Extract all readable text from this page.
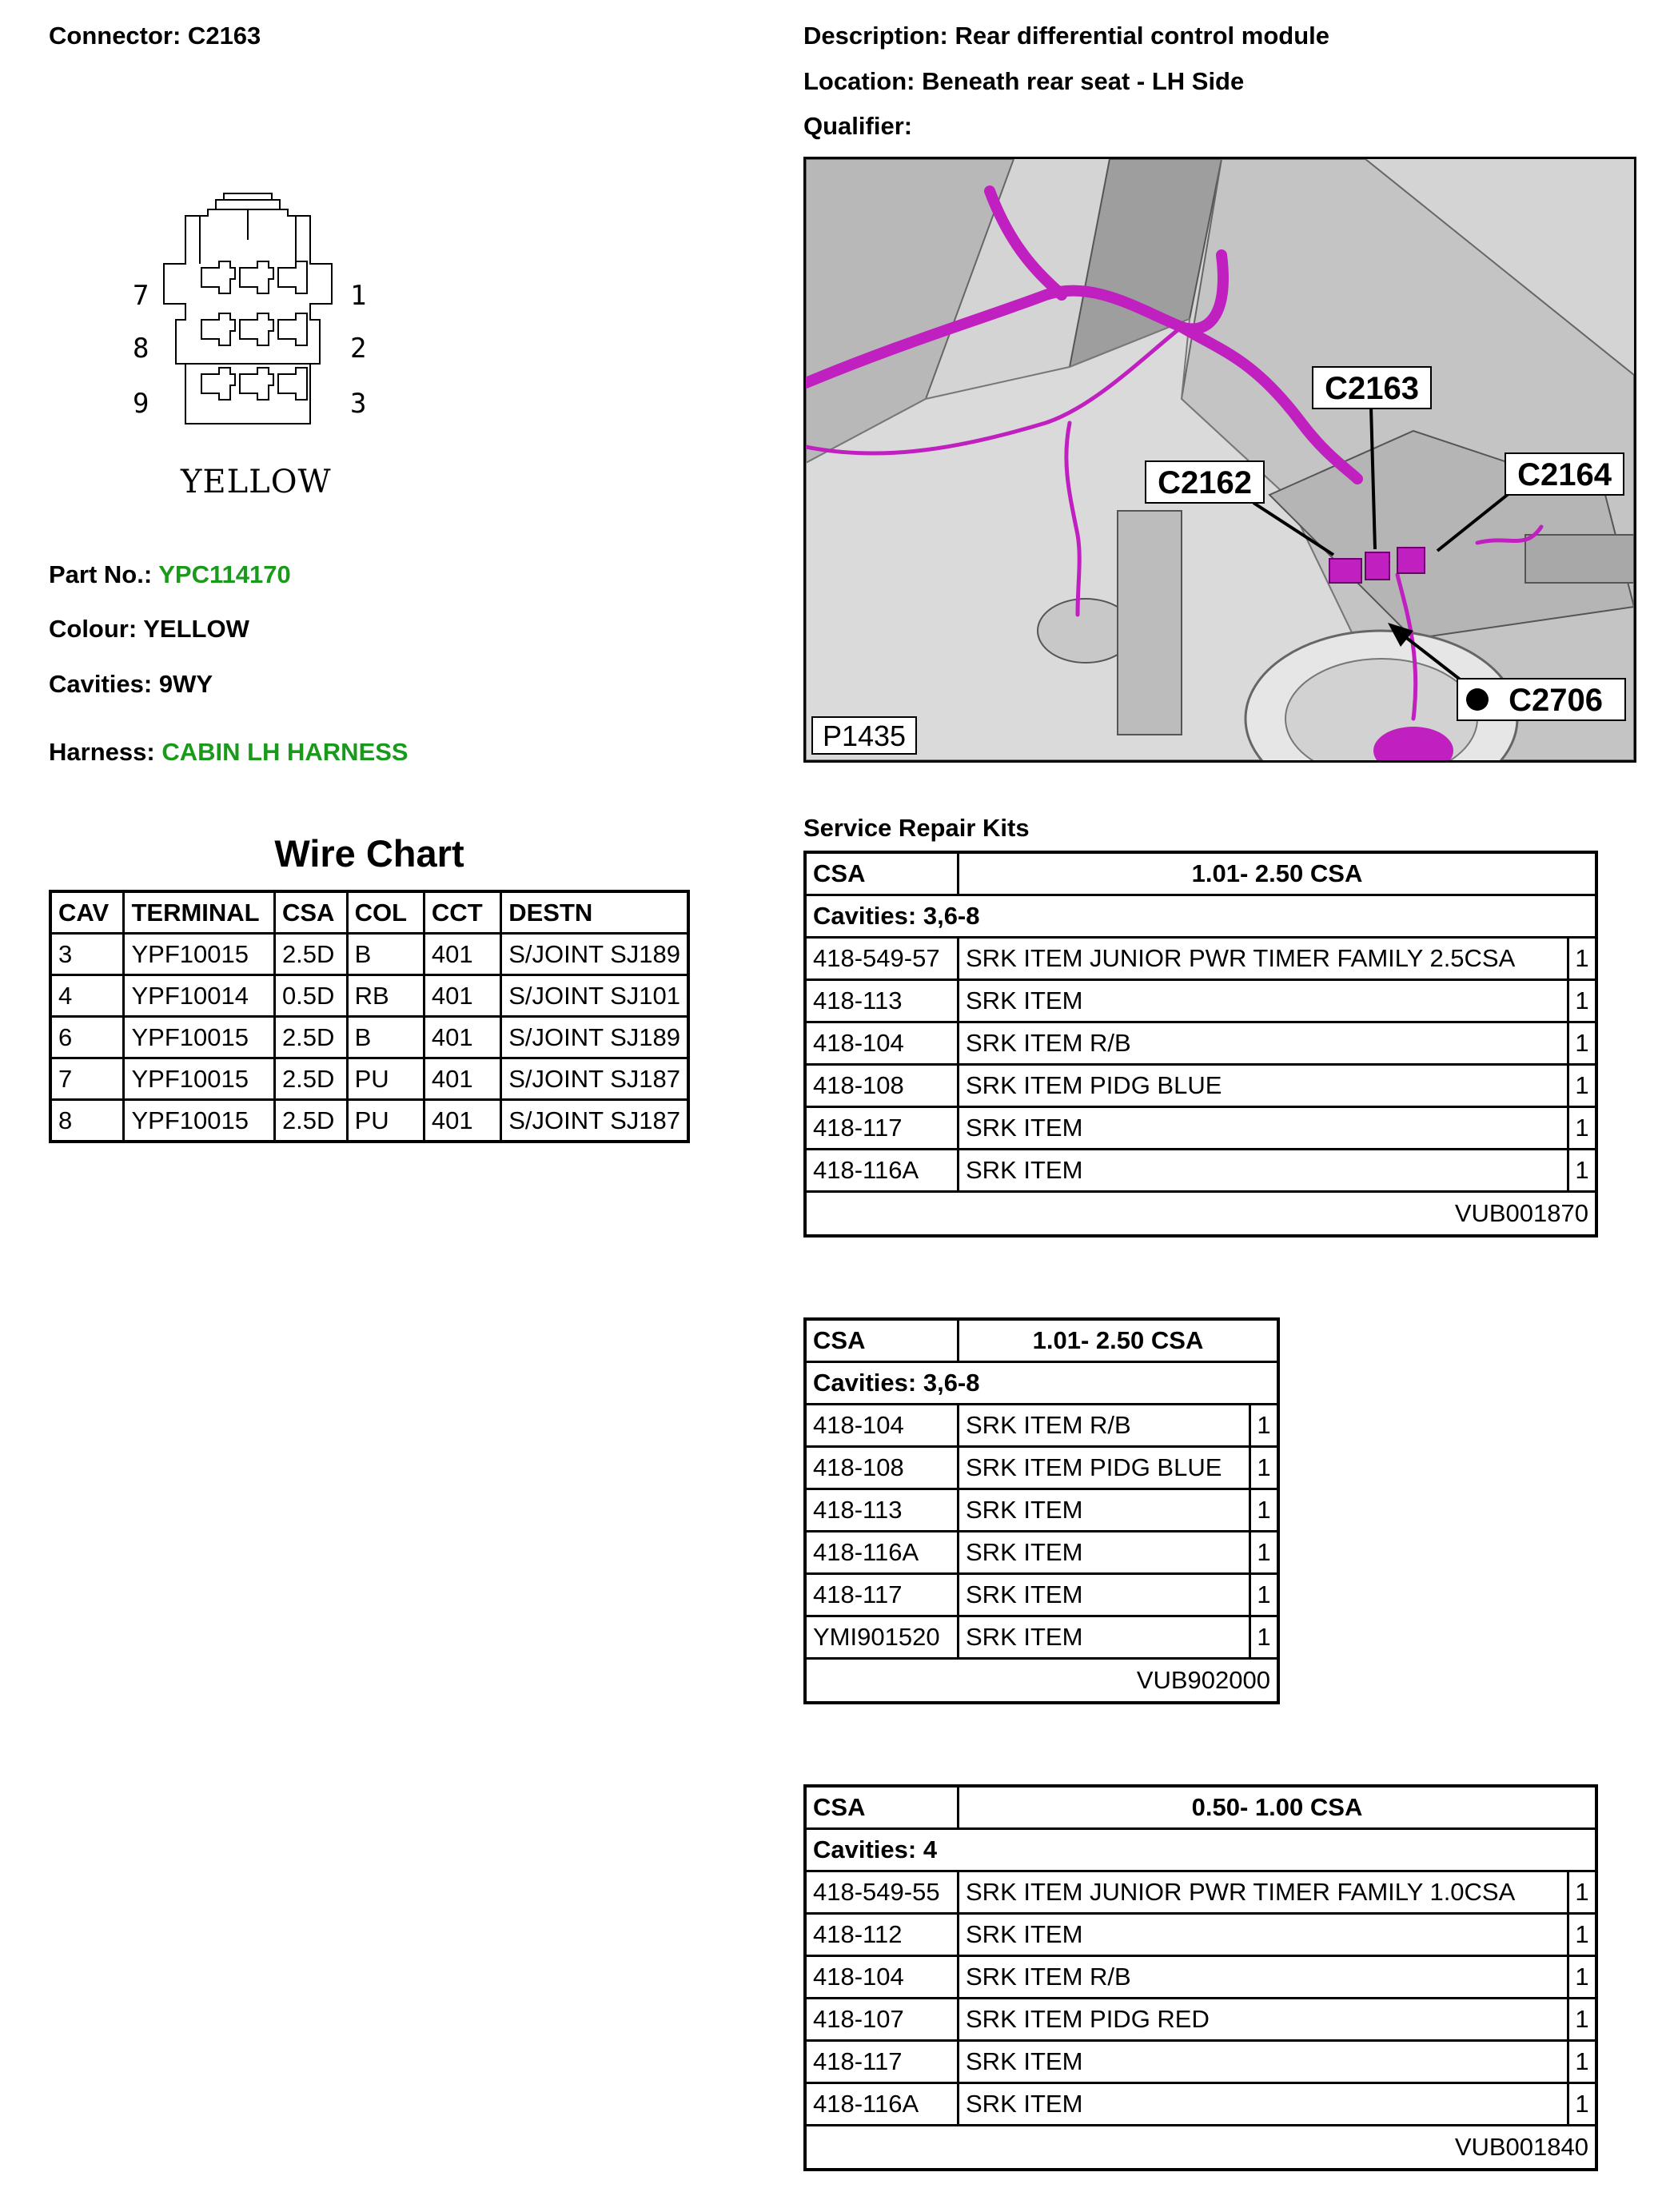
Connector: C2163
7
8
9
1
2
3
YELLOW
Part No.: YPC114170
Colour: YELLOW
Cavities: 9WY
Harness: CABIN LH HARNESS
Wire Chart
CAV	TERMINAL	CSA	COL	CCT	DESTN
3	YPF10015	2.5D	B	401	S/JOINT SJ189
4	YPF10014	0.5D	RB	401	S/JOINT SJ101
6	YPF10015	2.5D	B	401	S/JOINT SJ189
7	YPF10015	2.5D	PU	401	S/JOINT SJ187
8	YPF10015	2.5D	PU	401	S/JOINT SJ187
Description: Rear differential control module
Location: Beneath rear seat - LH Side
Qualifier:
C2163
C2162	C2164
C2706
P1435
Service Repair Kits
CSA	1.01- 2.50 CSA	
Cavities: 3,6-8		
418-549-57	SRK ITEM JUNIOR PWR TIMER FAMILY 2.5CSA	1
418-113	SRK ITEM	1
418-104	SRK ITEM R/B	1
418-108	SRK ITEM PIDG BLUE	1
418-117	SRK ITEM	1
418-116A	SRK ITEM	1
VUB001870		
CSA	1.01- 2.50 CSA	
Cavities: 3,6-8		
418-104	SRK ITEM R/B	1
418-108	SRK ITEM PIDG BLUE	1
418-113	SRK ITEM	1
418-116A	SRK ITEM	1
418-117	SRK ITEM	1
YMI901520	SRK ITEM	1
VUB902000		
CSA	0.50- 1.00 CSA	
Cavities: 4		
418-549-55	SRK ITEM JUNIOR PWR TIMER FAMILY 1.0CSA	1
418-112	SRK ITEM	1
418-104	SRK ITEM R/B	1
418-107	SRK ITEM PIDG RED	1
418-117	SRK ITEM	1
418-116A	SRK ITEM	1
VUB001840		
